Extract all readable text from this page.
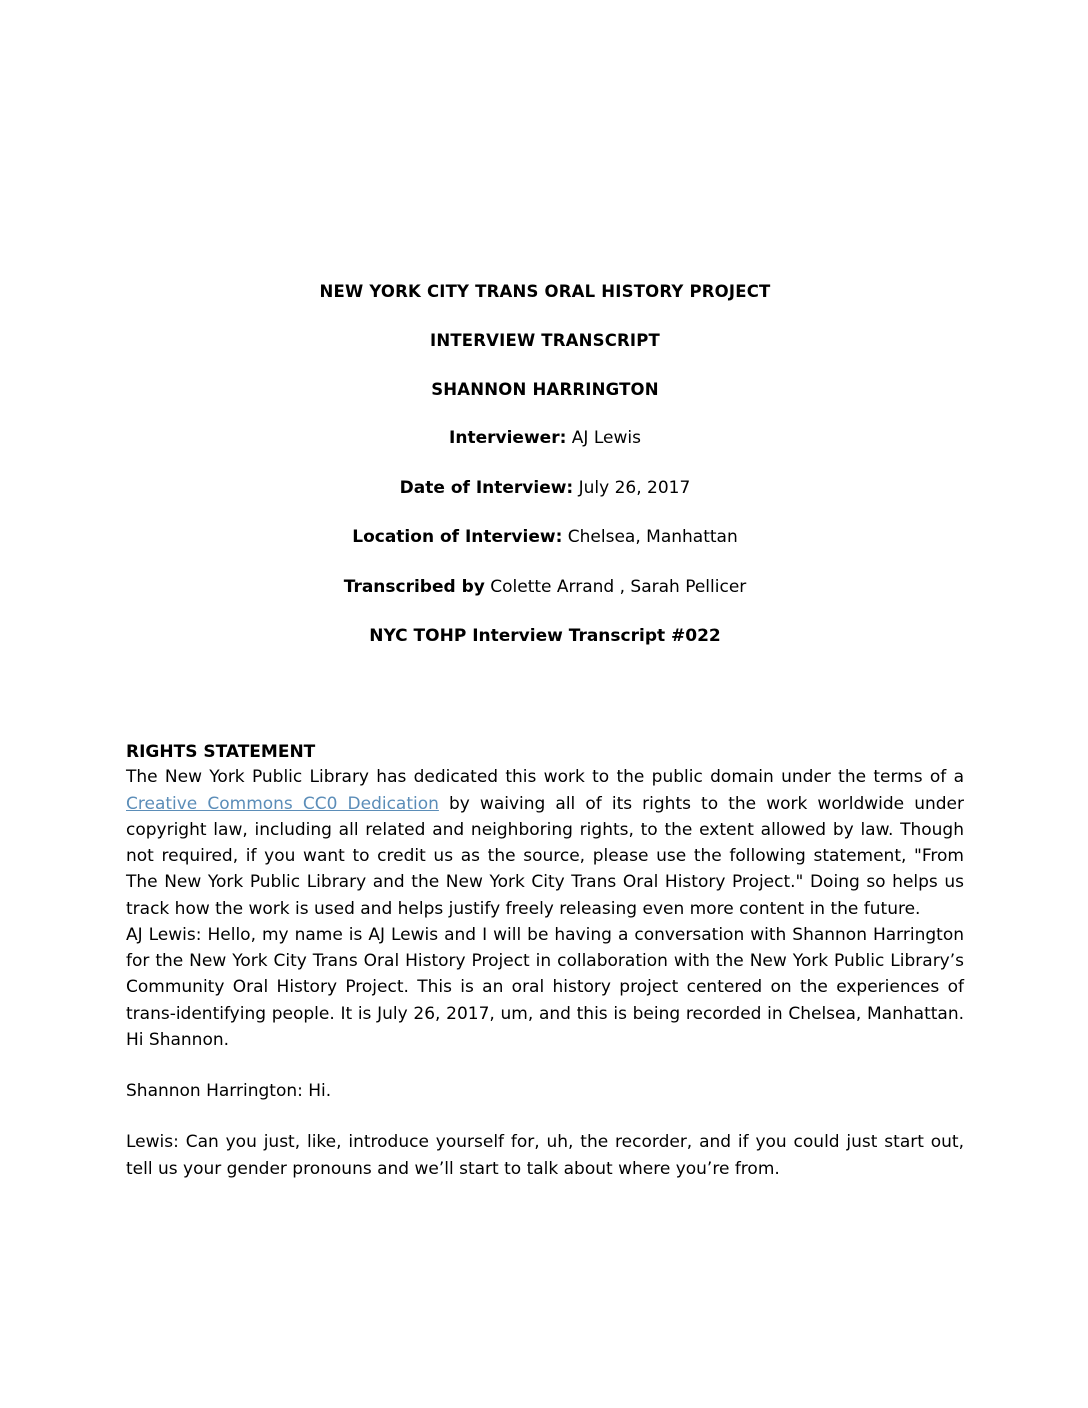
NEW YORK CITY TRANS ORAL HISTORY PROJECT
INTERVIEW TRANSCRIPT
SHANNON HARRINGTON
Interviewer: AJ Lewis
Date of Interview: July 26, 2017
Location of Interview: Chelsea, Manhattan
Transcribed by Colette Arrand , Sarah Pellicer
NYC TOHP Interview Transcript #022
RIGHTS STATEMENT

The New York Public Library has dedicated this work to the public domain under the terms of a Creative Commons CC0 Dedication by waiving all of its rights to the work worldwide under copyright law, including all related and neighboring rights, to the extent allowed by law. Though not required, if you want to credit us as the source, please use the following statement, "From The New York Public Library and the New York City Trans Oral History Project." Doing so helps us track how the work is used and helps justify freely releasing even more content in the future.

AJ Lewis: Hello, my name is AJ Lewis and I will be having a conversation with Shannon Harrington for the New York City Trans Oral History Project in collaboration with the New York Public Library’s Community Oral History Project. This is an oral history project centered on the experiences of trans-identifying people. It is July 26, 2017, um, and this is being recorded in Chelsea, Manhattan. Hi Shannon.

Shannon Harrington: Hi.

Lewis: Can you just, like, introduce yourself for, uh, the recorder, and if you could just start out, tell us your gender pronouns and we’ll start to talk about where you’re from.
